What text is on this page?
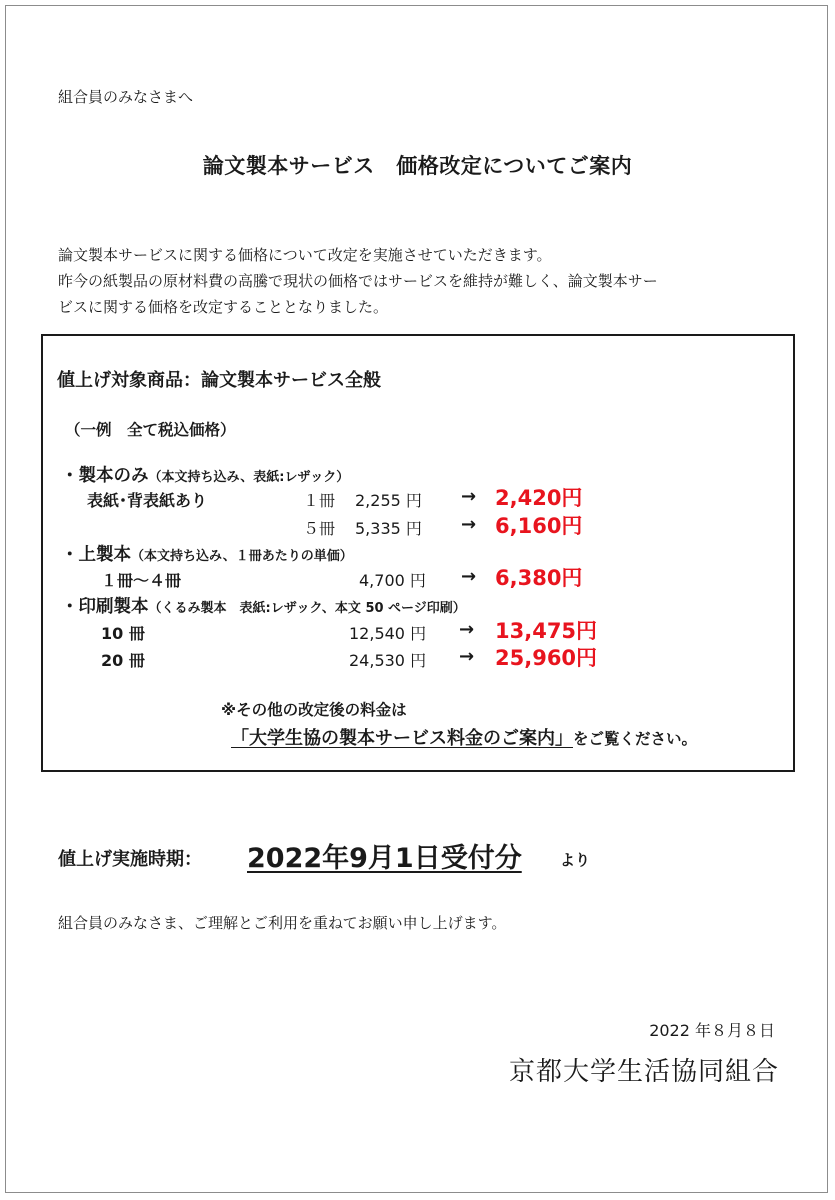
組合員のみなさまへ
論文製本サービス　価格改定についてご案内
論文製本サービスに関する価格について改定を実施させていただきます。
昨今の紙製品の原材料費の高騰で現状の価格ではサービスを維持が難しく、論文製本サー
ビスに関する価格を改定することとなりました。
値上げ対象商品：論文製本サービス全般
（一例　全て税込価格）
・製本のみ（本文持ち込み、表紙:レザック）
表紙･背表紙あり	１冊 2,255 円 → 2,420円
５冊 5,335 円 → 6,160円
・上製本（本文持ち込み、１冊あたりの単価）
１冊～４冊	4,700 円 → 6,380円
・印刷製本（くるみ製本　表紙:レザック、本文 50 ページ印刷）
10 冊	12,540 円 → 13,475円
20 冊	24,530 円 → 25,960円
※その他の改定後の料金は
「大学生協の製本サービス料金のご案内」をご覧ください。
値上げ実施時期： 2022年9月1日受付分	より
組合員のみなさま、ご理解とご利用を重ねてお願い申し上げます。
2022 年８月８日
京都大学生活協同組合
